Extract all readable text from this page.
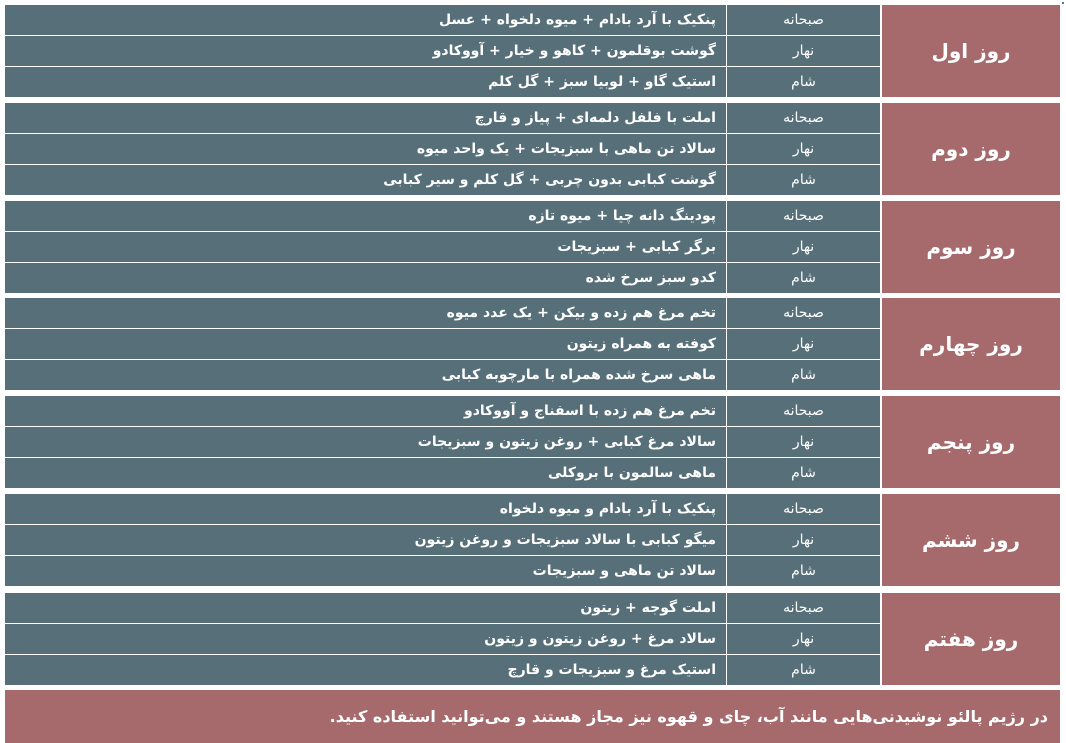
روز اول
صبحانه
پنکیک با آرد بادام + میوه دلخواه + عسل
نهار
گوشت بوقلمون + کاهو و خیار + آووکادو
شام
استیک گاو + لوبیا سبز + گل کلم
روز دوم
صبحانه
املت با فلفل دلمه‌ای + پیاز و قارچ
نهار
سالاد تن ماهی با سبزیجات + یک واحد میوه
شام
گوشت کبابی بدون چربی + گل کلم و سیر کبابی
روز سوم
صبحانه
پودینگ دانه چیا + میوه تازه
نهار
برگر کبابی + سبزیجات
شام
کدو سبز سرخ شده
روز چهارم
صبحانه
تخم مرغ هم زده و بیکن + یک عدد میوه
نهار
کوفته به همراه زیتون
شام
ماهی سرخ شده همراه با مارچوبه کبابی
روز پنجم
صبحانه
تخم مرغ هم زده با اسفناج و آووکادو
نهار
سالاد مرغ کبابی + روغن زیتون و سبزیجات
شام
ماهی سالمون با بروکلی
روز ششم
صبحانه
پنکیک با آرد بادام و میوه دلخواه
نهار
میگو کبابی با سالاد سبزیجات و روغن زیتون
شام
سالاد تن ماهی و سبزیجات
روز هفتم
صبحانه
املت گوجه + زیتون
نهار
سالاد مرغ + روغن زیتون و زیتون
شام
استیک مرغ و سبزیجات و قارچ
در رژیم پالئو نوشیدنی‌هایی مانند آب، چای و قهوه نیز مجاز هستند و می‌توانید استفاده کنید.
